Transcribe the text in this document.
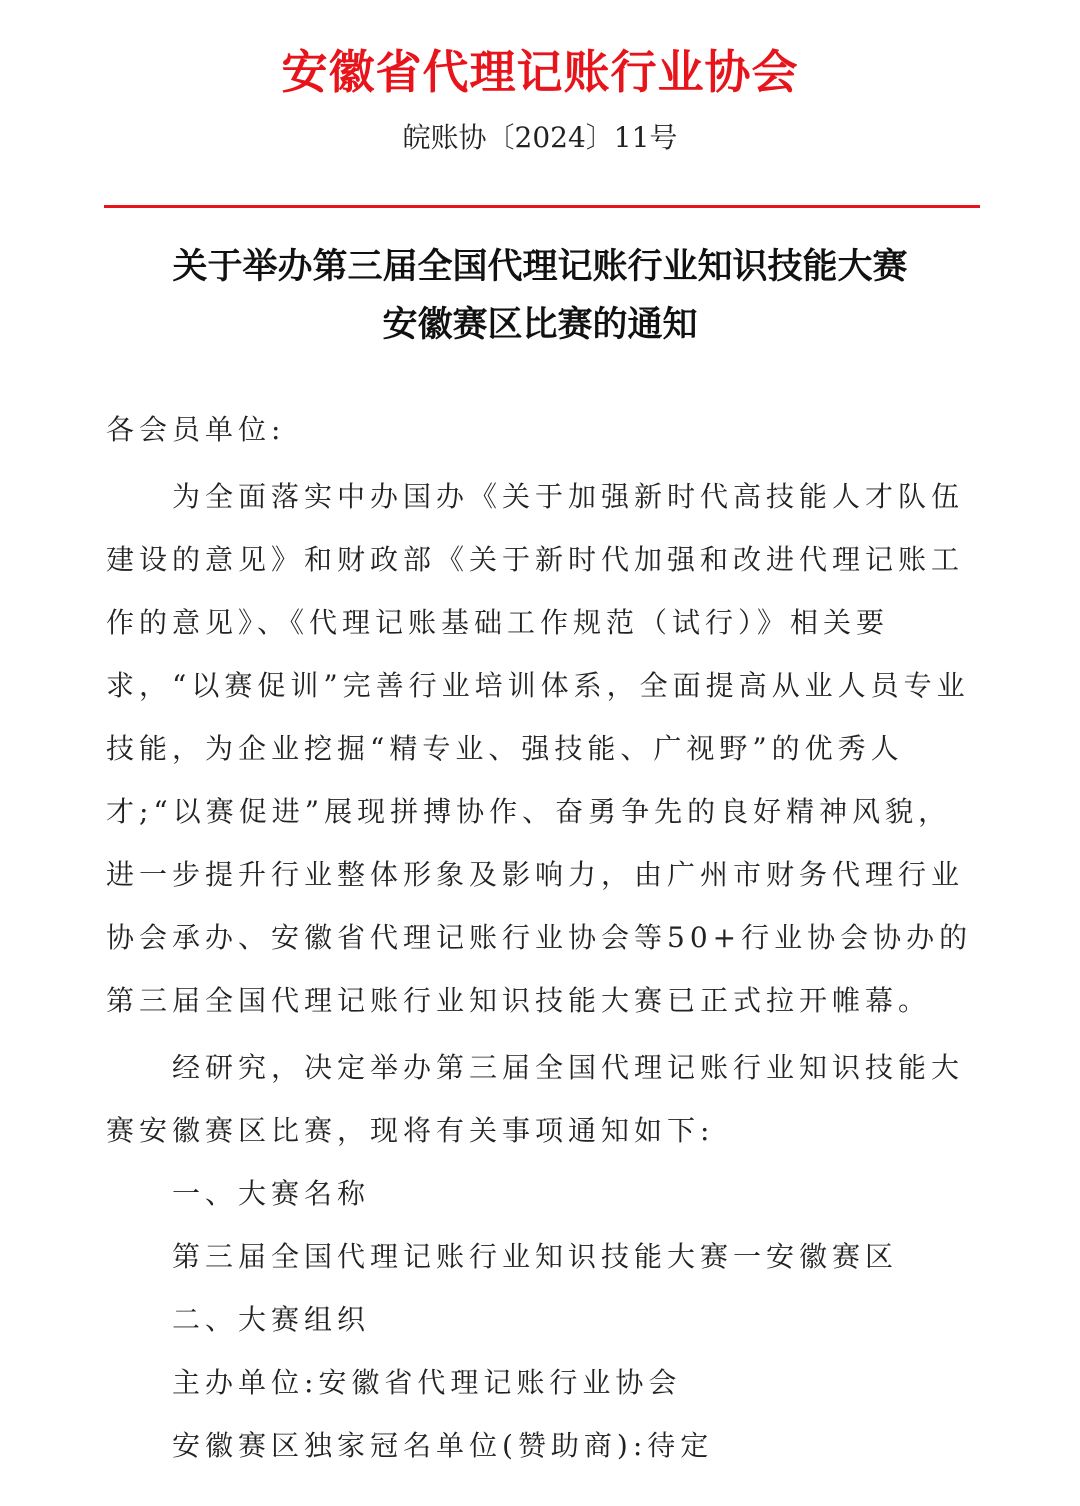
安徽省代理记账行业协会
皖账协〔2024〕11号
关于举办第三届全国代理记账行业知识技能大赛
安徽赛区比赛的通知

各会员单位:

为全面落实中办国办《关于加强新时代高技能人才队伍建设的意见》和财政部《关于新时代加强和改进代理记账工作的意见》、《代理记账基础工作规范（试行）》相关要求，“以赛促训”完善行业培训体系，全面提高从业人员专业技能，为企业挖掘“精专业、强技能、广视野”的优秀人才;“以赛促进”展现拼搏协作、奋勇争先的良好精神风貌，进一步提升行业整体形象及影响力，由广州市财务代理行业协会承办、安徽省代理记账行业协会等50+行业协会协办的第三届全国代理记账行业知识技能大赛已正式拉开帷幕。

经研究，决定举办第三届全国代理记账行业知识技能大赛安徽赛区比赛，现将有关事项通知如下:

一、大赛名称

第三届全国代理记账行业知识技能大赛一安徽赛区

二、大赛组织

主办单位:安徽省代理记账行业协会

安徽赛区独家冠名单位(赞助商):待定
